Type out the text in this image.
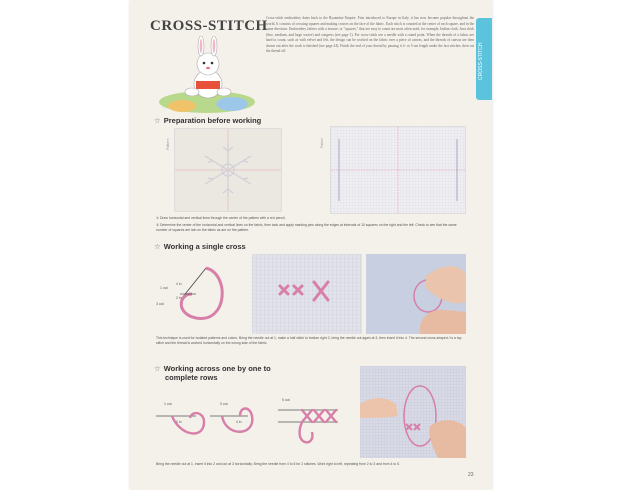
CROSS-STITCH
Cross-stitch embroidery dates back to the Byzantine Empire. First introduced to Europe in Italy, it has now become popular throughout the world. It consists of crossing squares and making crosses on the face of the fabric. Each stitch is counted at the center of each square, and in the same direction. Embroidery fabrics with a texture, or "squares," that are easy to count are most often used, for example, Indian cloth, Java cloth (fine, medium, and large weave) and congress (see page 1). For cross-stitch use a needle with a round point. When the threads of a fabric are hard to count, such as with velvet and felt, the design can be worked on the fabric over a piece of canvas, and the threads of canvas are then drawn out after the work is finished (see page 24). Finish the end of your thread by passing it 4- or 5-cm length under the last stitches, then cut the thread off.	CROSS-STITCH
☆ Preparation before working
Pattern	Fabric
① Draw horizontal and vertical lines through the center of the pattern with a red pencil.
② Determine the center of the horizontal and vertical lines on the fabric, then tack and apply marking pins along the edges at intervals of 10 squares on the right and the left. Check to see that the same number of squares are lain on the fabric as are on the pattern.
☆ Working a single cross
1 out
2 in
3 out
4 in
This technique is used for isolated patterns and colors. Bring the needle out at 1, make a half stitch to bottom right 2, bring the needle out again at 3, then insert it into 4. The second cross-shaped / is a top stitch and the thread is worked horizontally on the wrong side of the fabric.
☆ Working across one by one to
complete rows
1 out
2 in
3 out
4 in
5 out
Bring the needle out at 1, insert it into 2 and out at 3 horizontally. Bring the needle from 4 to 5 for 2 stitches. Work right to left, repeating from 2 to 3 and from 4 to 5.
23
